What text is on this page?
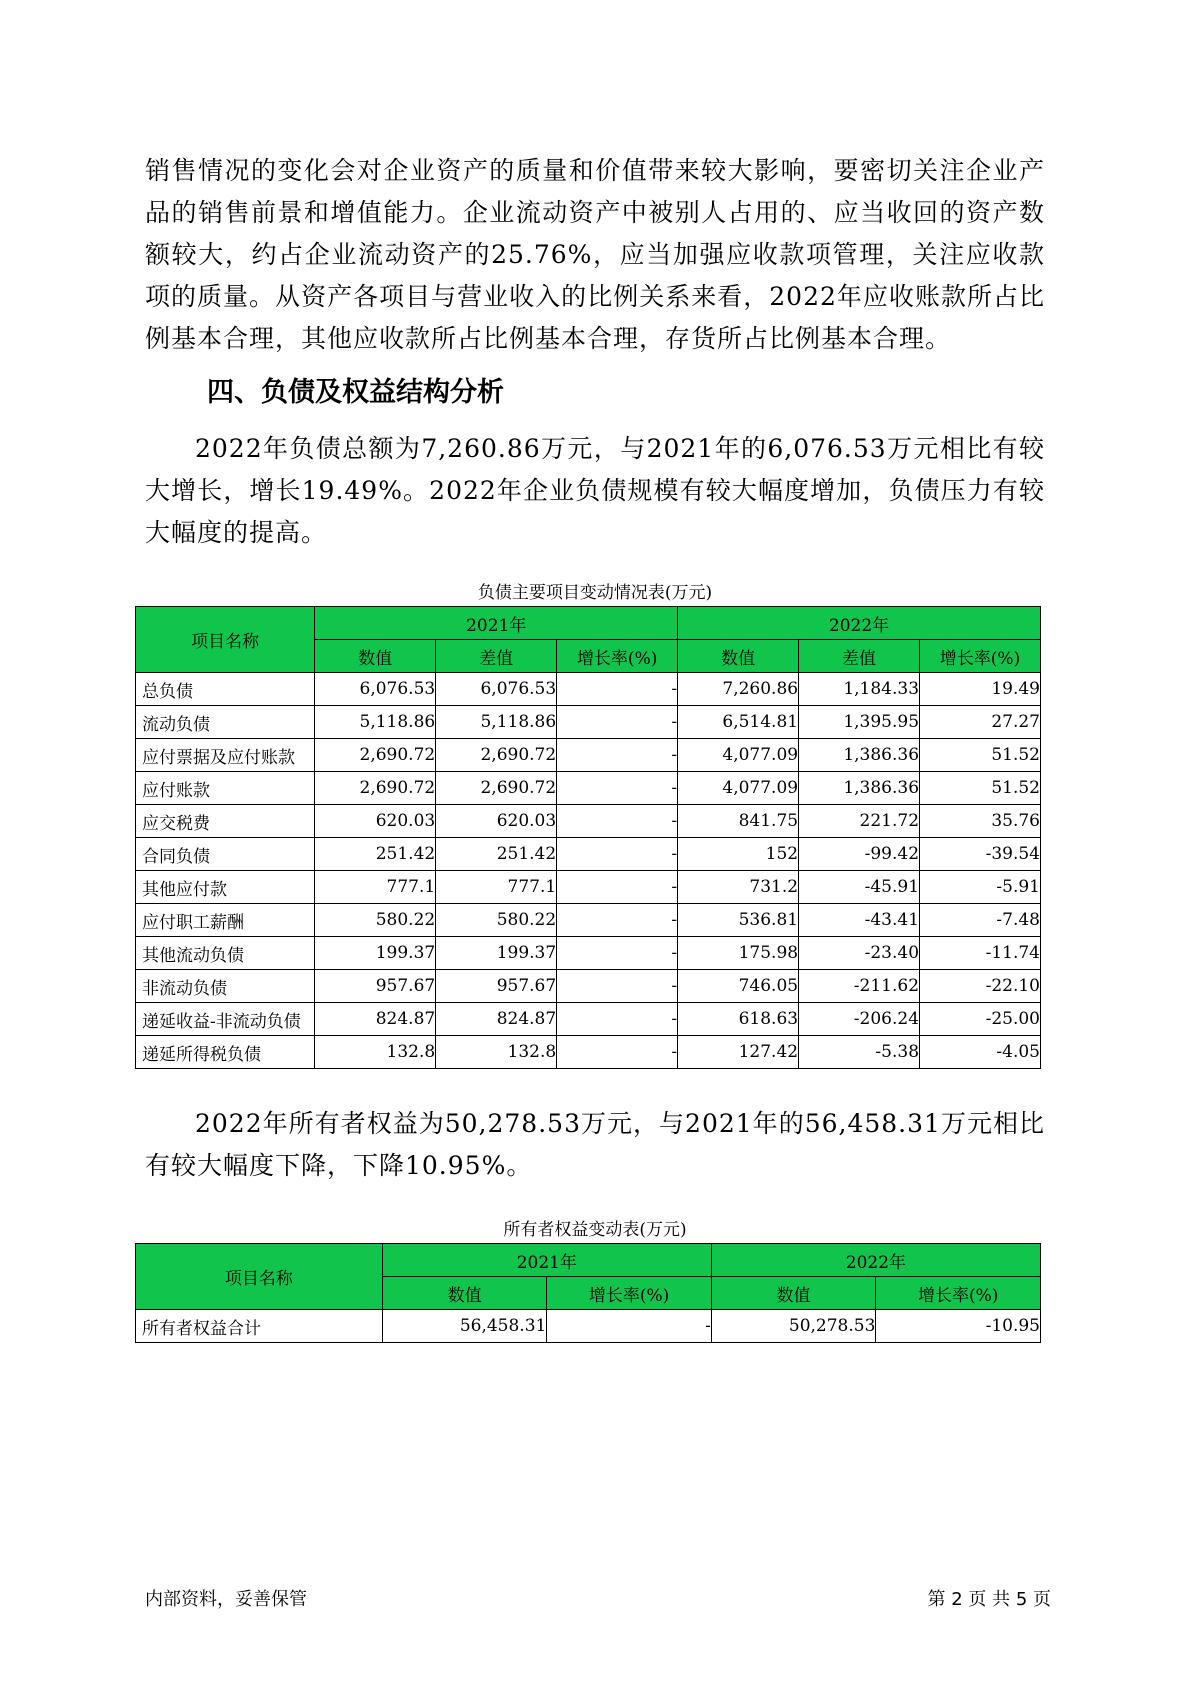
销售情况的变化会对企业资产的质量和价值带来较大影响，要密切关注企业产品的销售前景和增值能力。企业流动资产中被别人占用的、应当收回的资产数额较大，约占企业流动资产的25.76%，应当加强应收款项管理，关注应收款项的质量。从资产各项目与营业收入的比例关系来看，2022年应收账款所占比例基本合理，其他应收款所占比例基本合理，存货所占比例基本合理。

四、负债及权益结构分析

2022年负债总额为7,260.86万元，与2021年的6,076.53万元相比有较大增长，增长19.49%。2022年企业负债规模有较大幅度增加，负债压力有较大幅度的提高。

负债主要项目变动情况表(万元)

项目名称	2021年			2022年		
	数值	差值	增长率(%)	数值	差值	增长率(%)
总负债	6,076.53	6,076.53	-	7,260.86	1,184.33	19.49
流动负债	5,118.86	5,118.86	-	6,514.81	1,395.95	27.27
应付票据及应付账款	2,690.72	2,690.72	-	4,077.09	1,386.36	51.52
应付账款	2,690.72	2,690.72	-	4,077.09	1,386.36	51.52
应交税费	620.03	620.03	-	841.75	221.72	35.76
合同负债	251.42	251.42	-	152	-99.42	-39.54
其他应付款	777.1	777.1	-	731.2	-45.91	-5.91
应付职工薪酬	580.22	580.22	-	536.81	-43.41	-7.48
其他流动负债	199.37	199.37	-	175.98	-23.40	-11.74
非流动负债	957.67	957.67	-	746.05	-211.62	-22.10
递延收益-非流动负债	824.87	824.87	-	618.63	-206.24	-25.00
递延所得税负债	132.8	132.8	-	127.42	-5.38	-4.05

2022年所有者权益为50,278.53万元，与2021年的56,458.31万元相比有较大幅度下降，下降10.95%。

所有者权益变动表(万元)

项目名称	2021年		2022年	
	数值	增长率(%)	数值	增长率(%)
所有者权益合计	56,458.31	-	50,278.53	-10.95
内部资料，妥善保管	第 2 页 共 5 页
